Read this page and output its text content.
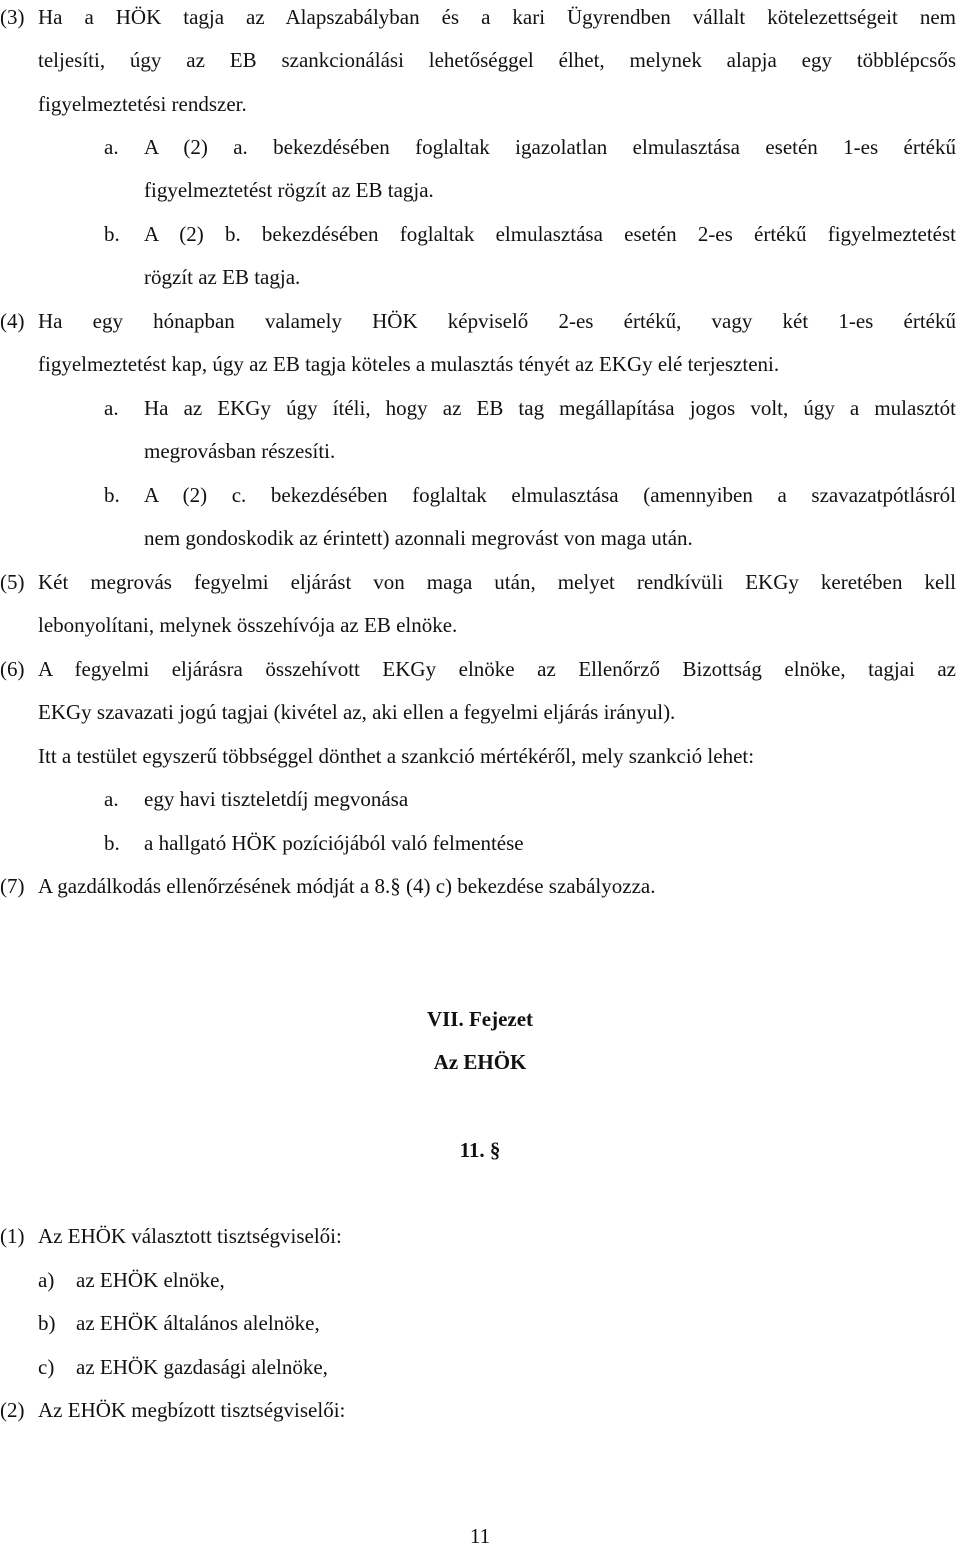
(3) Ha a HÖK tagja az Alapszabályban és a kari Ügyrendben vállalt kötelezettségeit nem
teljesíti, úgy az EB szankcionálási lehetőséggel élhet, melynek alapja egy többlépcsős
figyelmeztetési rendszer.
a. A (2) a. bekezdésében foglaltak igazolatlan elmulasztása esetén 1-es értékű
figyelmeztetést rögzít az EB tagja.
b. A (2) b. bekezdésében foglaltak elmulasztása esetén 2-es értékű figyelmeztetést
rögzít az EB tagja.
(4) Ha egy hónapban valamely HÖK képviselő 2-es értékű, vagy két 1-es értékű
figyelmeztetést kap, úgy az EB tagja köteles a mulasztás tényét az EKGy elé terjeszteni.
a. Ha az EKGy úgy ítéli, hogy az EB tag megállapítása jogos volt, úgy a mulasztót
megrovásban részesíti.
b. A (2) c. bekezdésében foglaltak elmulasztása (amennyiben a szavazatpótlásról
nem gondoskodik az érintett) azonnali megrovást von maga után.
(5) Két megrovás fegyelmi eljárást von maga után, melyet rendkívüli EKGy keretében kell
lebonyolítani, melynek összehívója az EB elnöke.
(6) A fegyelmi eljárásra összehívott EKGy elnöke az Ellenőrző Bizottság elnöke, tagjai az
EKGy szavazati jogú tagjai (kivétel az, aki ellen a fegyelmi eljárás irányul).
Itt a testület egyszerű többséggel dönthet a szankció mértékéről, mely szankció lehet:
a. egy havi tiszteletdíj megvonása
b. a hallgató HÖK pozíciójából való felmentése
(7) A gazdálkodás ellenőrzésének módját a 8.§ (4) c) bekezdése szabályozza.
VII. Fejezet
Az EHÖK
11. §
(1) Az EHÖK választott tisztségviselői:
a) az EHÖK elnöke,
b) az EHÖK általános alelnöke,
c) az EHÖK gazdasági alelnöke,
(2) Az EHÖK megbízott tisztségviselői:
11
